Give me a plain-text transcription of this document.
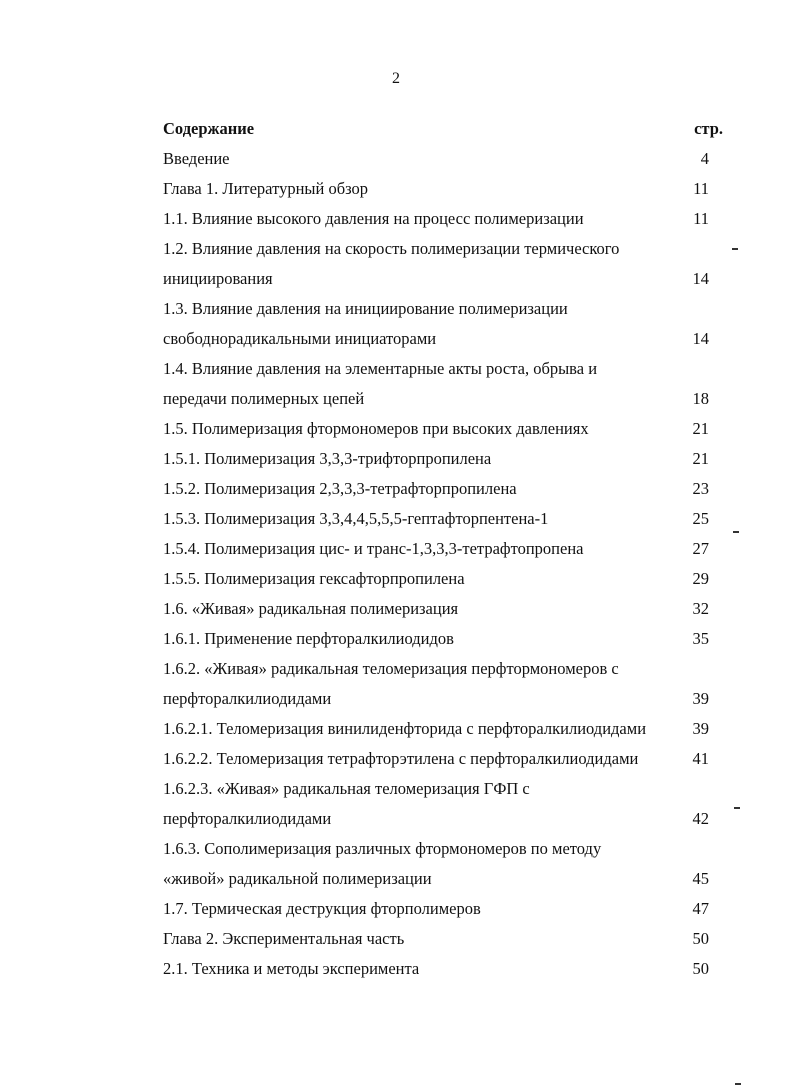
2
Содержание	стр.
Введение	4
Глава 1. Литературный обзор	11
1.1. Влияние высокого давления на процесс полимеризации	11
1.2. Влияние давления на скорость полимеризации термического инициирования	14
1.3. Влияние давления на инициирование полимеризации свободнорадикальными инициаторами	14
1.4. Влияние давления на элементарные акты роста, обрыва и передачи полимерных цепей	18
1.5. Полимеризация фтормономеров при высоких давлениях	21
1.5.1. Полимеризация 3,3,3-трифторпропилена	21
1.5.2. Полимеризация 2,3,3,3-тетрафторпропилена	23
1.5.3. Полимеризация 3,3,4,4,5,5,5-гептафторпентена-1	25
1.5.4. Полимеризация цис- и транс-1,3,3,3-тетрафтопропена	27
1.5.5. Полимеризация гексафторпропилена	29
1.6. «Живая» радикальная полимеризация	32
1.6.1. Применение перфторалкилиодидов	35
1.6.2. «Живая» радикальная теломеризация перфтормономеров с перфторалкилиодидами	39
1.6.2.1. Теломеризация винилиденфторида с перфторалкилиодидами	39
1.6.2.2. Теломеризация тетрафторэтилена с перфторалкилиодидами	41
1.6.2.3. «Живая» радикальная теломеризация ГФП с перфторалкилиодидами	42
1.6.3. Сополимеризация различных фтормономеров по методу «живой» радикальной полимеризации	45
1.7. Термическая деструкция фторполимеров	47
Глава 2. Экспериментальная часть	50
2.1. Техника и методы эксперимента	50
